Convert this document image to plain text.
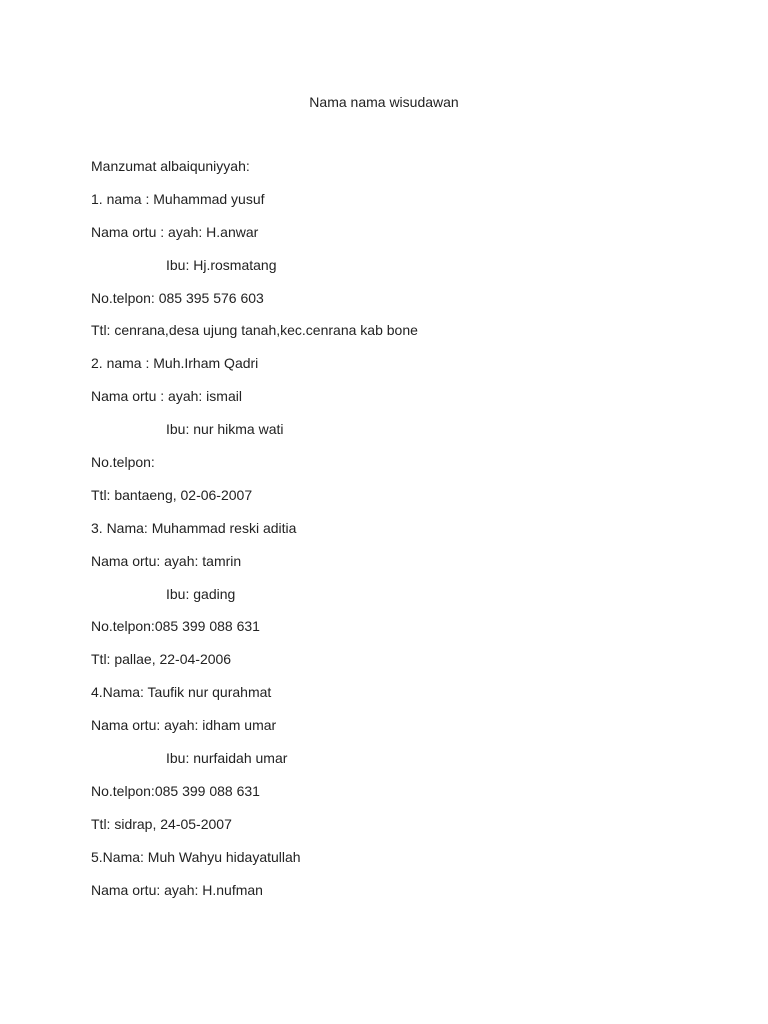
Nama nama wisudawan
Manzumat albaiquniyyah:
1. nama : Muhammad yusuf
Nama ortu : ayah: H.anwar
Ibu: Hj.rosmatang
No.telpon: 085 395 576 603
Ttl: cenrana,desa ujung tanah,kec.cenrana kab bone
2. nama : Muh.Irham Qadri
Nama ortu : ayah: ismail
Ibu: nur hikma wati
No.telpon:
Ttl: bantaeng, 02-06-2007
3. Nama: Muhammad reski aditia
Nama ortu: ayah: tamrin
Ibu: gading
No.telpon:085 399 088 631
Ttl: pallae, 22-04-2006
4.Nama: Taufik nur qurahmat
Nama ortu: ayah: idham umar
Ibu: nurfaidah umar
No.telpon:085 399 088 631
Ttl: sidrap, 24-05-2007
5.Nama: Muh Wahyu hidayatullah
Nama ortu: ayah: H.nufman
